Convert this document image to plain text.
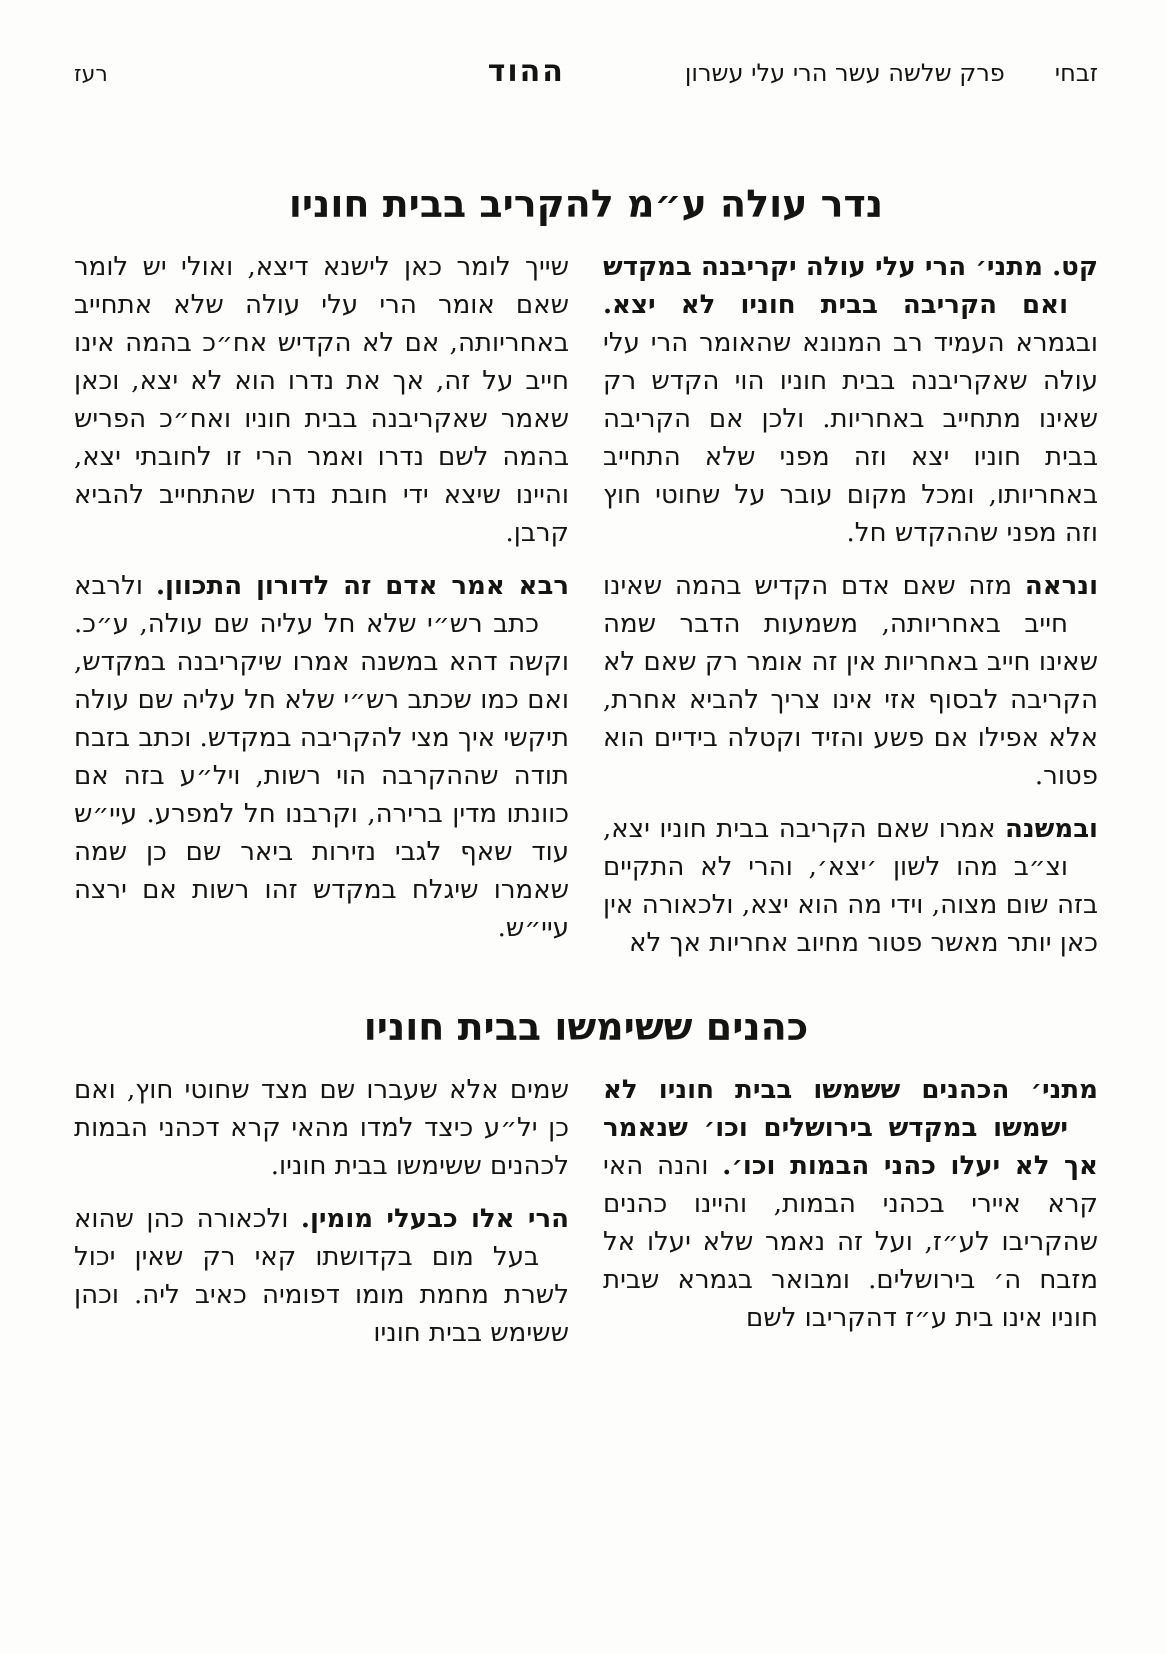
זבחי
פרק שלשה עשר הרי עלי עשרון
ההוד
רעז
נדר עולה ע״מ להקריב בבית חוניו

קט. מתני׳ הרי עלי עולה יקריבנה במקדש ואם הקריבה בבית חוניו לא יצא. ובגמרא העמיד רב המנונא שהאומר הרי עלי עולה שאקריבנה בבית חוניו הוי הקדש רק שאינו מתחייב באחריות. ולכן אם הקריבה בבית חוניו יצא וזה מפני שלא התחייב באחריותו, ומכל מקום עובר על שחוטי חוץ וזה מפני שההקדש חל.

ונראה מזה שאם אדם הקדיש בהמה שאינו חייב באחריותה, משמעות הדבר שמה שאינו חייב באחריות אין זה אומר רק שאם לא הקריבה לבסוף אזי אינו צריך להביא אחרת, אלא אפילו אם פשע והזיד וקטלה בידיים הוא פטור.

ובמשנה אמרו שאם הקריבה בבית חוניו יצא, וצ״ב מהו לשון ׳יצא׳, והרי לא התקיים בזה שום מצוה, וידי מה הוא יצא, ולכאורה אין כאן יותר מאשר פטור מחיוב אחריות אך לא

שייך לומר כאן לישנא דיצא, ואולי יש לומר שאם אומר הרי עלי עולה שלא אתחייב באחריותה, אם לא הקדיש אח״כ בהמה אינו חייב על זה, אך את נדרו הוא לא יצא, וכאן שאמר שאקריבנה בבית חוניו ואח״כ הפריש בהמה לשם נדרו ואמר הרי זו לחובתי יצא, והיינו שיצא ידי חובת נדרו שהתחייב להביא קרבן.

רבא אמר אדם זה לדורון התכוון. ולרבא כתב רש״י שלא חל עליה שם עולה, ע״כ. וקשה דהא במשנה אמרו שיקריבנה במקדש, ואם כמו שכתב רש״י שלא חל עליה שם עולה תיקשי איך מצי להקריבה במקדש. וכתב בזבח תודה שההקרבה הוי רשות, ויל״ע בזה אם כוונתו מדין ברירה, וקרבנו חל למפרע. עיי״ש עוד שאף לגבי נזירות ביאר שם כן שמה שאמרו שיגלח במקדש זהו רשות אם ירצה עיי״ש.

כהנים ששימשו בבית חוניו

מתני׳ הכהנים ששמשו בבית חוניו לא ישמשו במקדש בירושלים וכו׳ שנאמר אך לא יעלו כהני הבמות וכו׳. והנה האי קרא איירי בכהני הבמות, והיינו כהנים שהקריבו לע״ז, ועל זה נאמר שלא יעלו אל מזבח ה׳ בירושלים. ומבואר בגמרא שבית חוניו אינו בית ע״ז דהקריבו לשם

שמים אלא שעברו שם מצד שחוטי חוץ, ואם כן יל״ע כיצד למדו מהאי קרא דכהני הבמות לכהנים ששימשו בבית חוניו.

הרי אלו כבעלי מומין. ולכאורה כהן שהוא בעל מום בקדושתו קאי רק שאין יכול לשרת מחמת מומו דפומיה כאיב ליה. וכהן ששימש בבית חוניו
